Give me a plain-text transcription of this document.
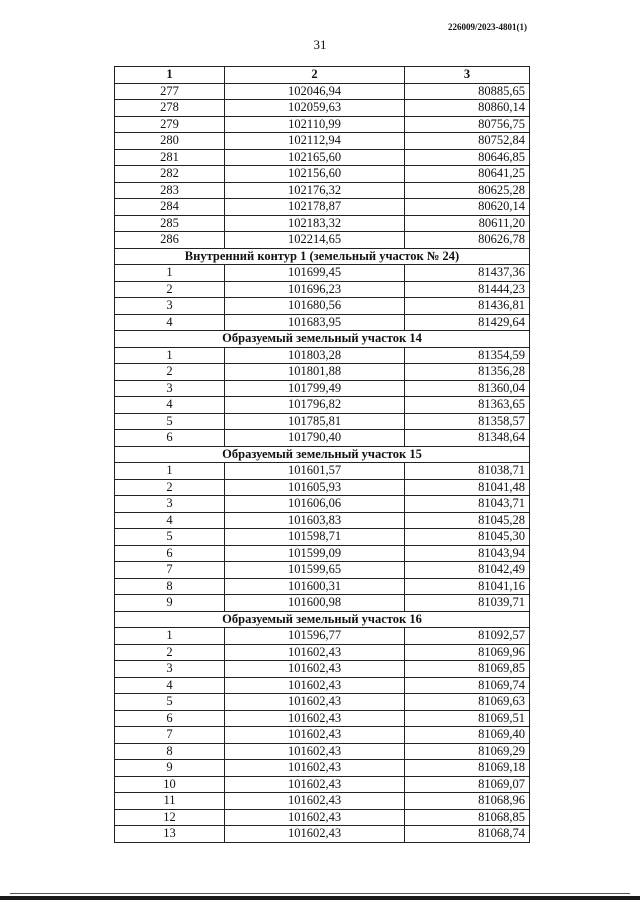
226009/2023-4801(1)
31
1	2	3
277	102046,94	80885,65
278	102059,63	80860,14
279	102110,99	80756,75
280	102112,94	80752,84
281	102165,60	80646,85
282	102156,60	80641,25
283	102176,32	80625,28
284	102178,87	80620,14
285	102183,32	80611,20
286	102214,65	80626,78
Внутренний контур 1 (земельный участок № 24)		
1	101699,45	81437,36
2	101696,23	81444,23
3	101680,56	81436,81
4	101683,95	81429,64
Образуемый земельный участок 14		
1	101803,28	81354,59
2	101801,88	81356,28
3	101799,49	81360,04
4	101796,82	81363,65
5	101785,81	81358,57
6	101790,40	81348,64
Образуемый земельный участок 15		
1	101601,57	81038,71
2	101605,93	81041,48
3	101606,06	81043,71
4	101603,83	81045,28
5	101598,71	81045,30
6	101599,09	81043,94
7	101599,65	81042,49
8	101600,31	81041,16
9	101600,98	81039,71
Образуемый земельный участок 16		
1	101596,77	81092,57
2	101602,43	81069,96
3	101602,43	81069,85
4	101602,43	81069,74
5	101602,43	81069,63
6	101602,43	81069,51
7	101602,43	81069,40
8	101602,43	81069,29
9	101602,43	81069,18
10	101602,43	81069,07
11	101602,43	81068,96
12	101602,43	81068,85
13	101602,43	81068,74
